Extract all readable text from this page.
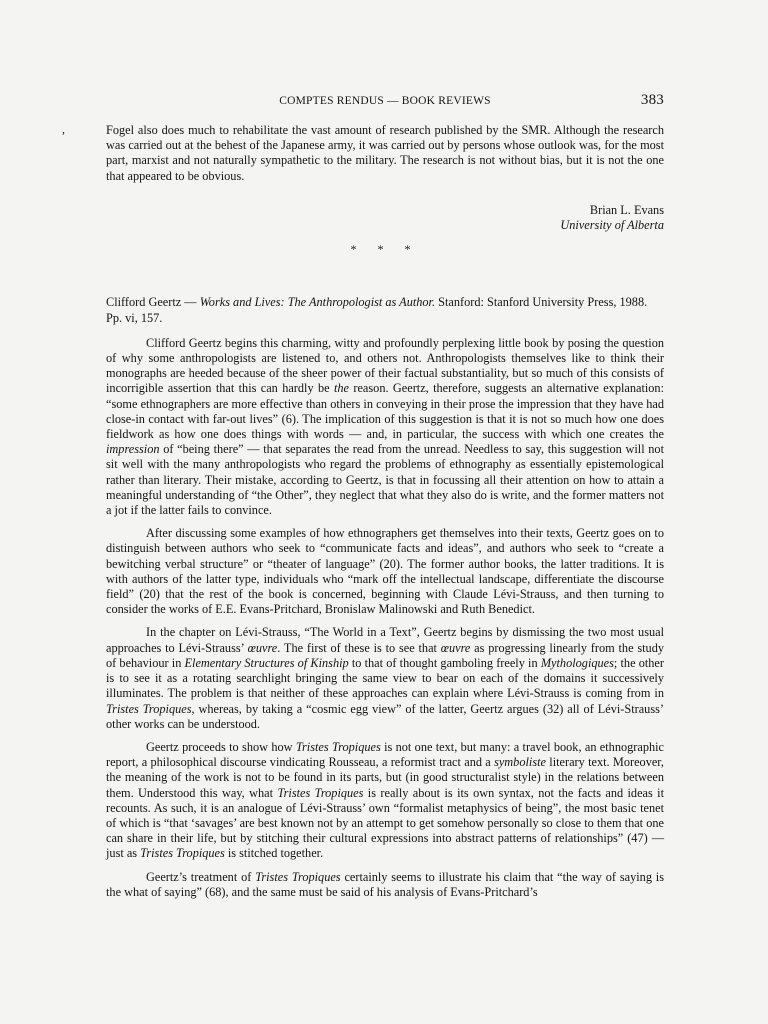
COMPTES RENDUS — BOOK REVIEWS	383
,	Fogel also does much to rehabilitate the vast amount of research published by the SMR. Although the research was carried out at the behest of the Japanese army, it was carried out by persons whose outlook was, for the most part, marxist and not naturally sympathetic to the military. The research is not without bias, but it is not the one that appeared to be obvious.

Brian L. Evans

University of Alberta

* * *

Clifford Geertz — Works and Lives: The Anthropologist as Author. Stanford: Stanford University Press, 1988. Pp. vi, 157.

Clifford Geertz begins this charming, witty and profoundly perplexing little book by posing the question of why some anthropologists are listened to, and others not. Anthropologists themselves like to think their monographs are heeded because of the sheer power of their factual substantiality, but so much of this consists of incorrigible assertion that this can hardly be the reason. Geertz, therefore, suggests an alternative explanation: “some ethnographers are more effective than others in conveying in their prose the impression that they have had close-in contact with far-out lives” (6). The implication of this suggestion is that it is not so much how one does fieldwork as how one does things with words — and, in particular, the success with which one creates the impression of “being there” — that separates the read from the unread. Needless to say, this suggestion will not sit well with the many anthropologists who regard the problems of ethnography as essentially epistemological rather than literary. Their mistake, according to Geertz, is that in focussing all their attention on how to attain a meaningful understanding of “the Other”, they neglect that what they also do is write, and the former matters not a jot if the latter fails to convince.

After discussing some examples of how ethnographers get themselves into their texts, Geertz goes on to distinguish between authors who seek to “communicate facts and ideas”, and authors who seek to “create a bewitching verbal structure” or “theater of language” (20). The former author books, the latter traditions. It is with authors of the latter type, individuals who “mark off the intellectual landscape, differentiate the discourse field” (20) that the rest of the book is concerned, beginning with Claude Lévi-Strauss, and then turning to consider the works of E.E. Evans-Pritchard, Bronislaw Malinowski and Ruth Benedict.

In the chapter on Lévi-Strauss, “The World in a Text”, Geertz begins by dismissing the two most usual approaches to Lévi-Strauss’ œuvre. The first of these is to see that œuvre as progressing linearly from the study of behaviour in Elementary Structures of Kinship to that of thought gamboling freely in Mythologiques; the other is to see it as a rotating searchlight bringing the same view to bear on each of the domains it successively illuminates. The problem is that neither of these approaches can explain where Lévi-Strauss is coming from in Tristes Tropiques, whereas, by taking a “cosmic egg view” of the latter, Geertz argues (32) all of Lévi-Strauss’ other works can be understood.

Geertz proceeds to show how Tristes Tropiques is not one text, but many: a travel book, an ethnographic report, a philosophical discourse vindicating Rousseau, a reformist tract and a symboliste literary text. Moreover, the meaning of the work is not to be found in its parts, but (in good structuralist style) in the relations between them. Understood this way, what Tristes Tropiques is really about is its own syntax, not the facts and ideas it recounts. As such, it is an analogue of Lévi-Strauss’ own “formalist metaphysics of being”, the most basic tenet of which is “that ‘savages’ are best known not by an attempt to get somehow personally so close to them that one can share in their life, but by stitching their cultural expressions into abstract patterns of relationships” (47) — just as Tristes Tropiques is stitched together.

Geertz’s treatment of Tristes Tropiques certainly seems to illustrate his claim that “the way of saying is the what of saying” (68), and the same must be said of his analysis of Evans-Pritchard’s
